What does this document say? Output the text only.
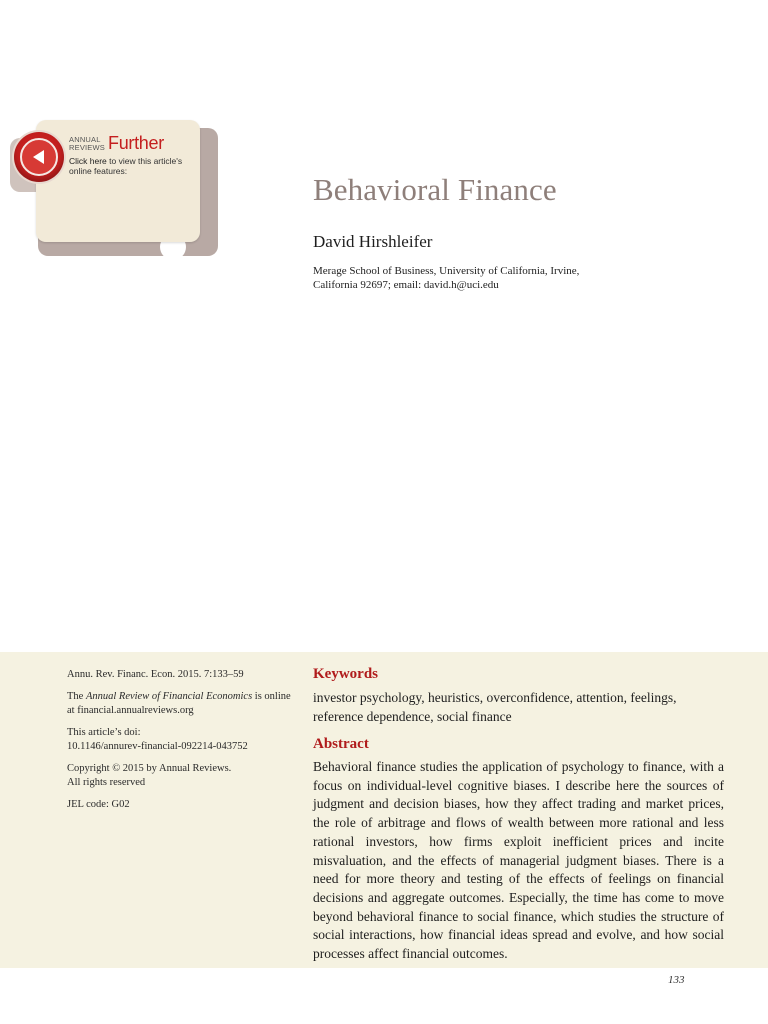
ANNUAL
REVIEWS Further
Click here to view this article's online features:
Behavioral Finance
David Hirshleifer
Merage School of Business, University of California, Irvine,
California 92697; email: david.h@uci.edu

Annu. Rev. Financ. Econ. 2015. 7:133–59

The Annual Review of Financial Economics is online
at financial.annualreviews.org

This article’s doi:
10.1146/annurev-financial-092214-043752

Copyright © 2015 by Annual Reviews.
All rights reserved

JEL code: G02

Keywords

investor psychology, heuristics, overconfidence, attention, feelings, reference dependence, social finance

Abstract

Behavioral finance studies the application of psychology to finance, with a focus on individual-level cognitive biases. I describe here the sources of judgment and decision biases, how they affect trading and market prices, the role of arbitrage and flows of wealth between more rational and less rational investors, how firms exploit inefficient prices and incite misvaluation, and the effects of managerial judgment biases. There is a need for more theory and testing of the effects of feelings on financial decisions and aggregate outcomes. Especially, the time has come to move beyond behavioral finance to social finance, which studies the structure of social interactions, how financial ideas spread and evolve, and how social processes affect financial outcomes.

133
